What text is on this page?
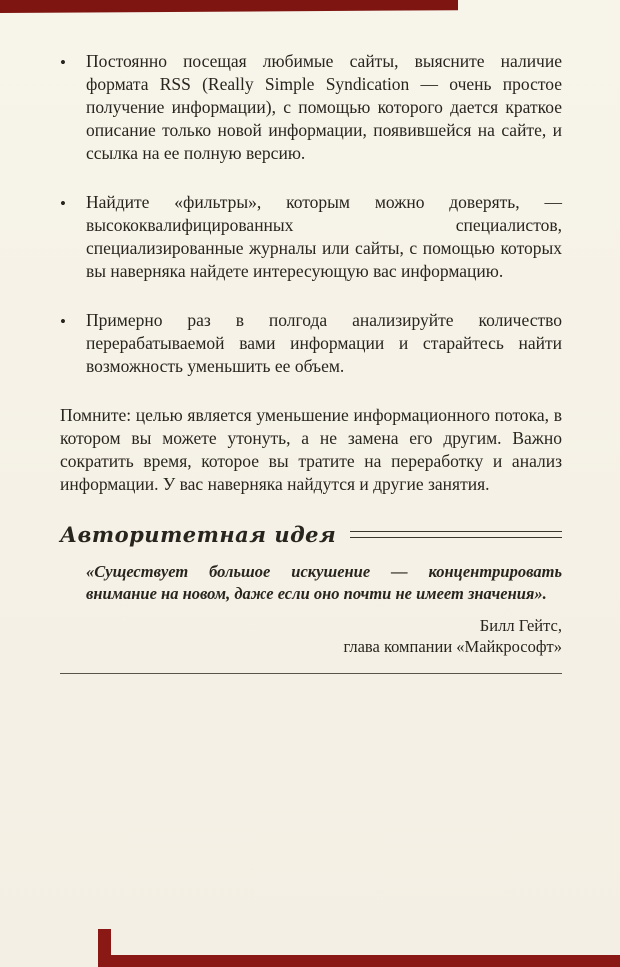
•	Постоянно посещая любимые сайты, выясните наличие формата RSS (Really Simple Syndication — очень простое получение информации), с помощью которого дается краткое описание только новой информации, появившейся на сайте, и ссылка на ее полную версию.
•	Найдите «фильтры», которым можно доверять, — высококвалифицированных специалистов, специализированные журналы или сайты, с помощью которых вы наверняка найдете интересующую вас информацию.
•	Примерно раз в полгода анализируйте количество перерабатываемой вами информации и старайтесь найти возможность уменьшить ее объем.

Помните: целью является уменьшение информационного потока, в котором вы можете утонуть, а не замена его другим. Важно сократить время, которое вы тратите на переработку и анализ информации. У вас наверняка найдутся и другие занятия.

Авторитетная идея

«Существует большое искушение — концентрировать внимание на новом, даже если оно почти не имеет значения».

Билл Гейтс,
глава компании «Майкрософт»
